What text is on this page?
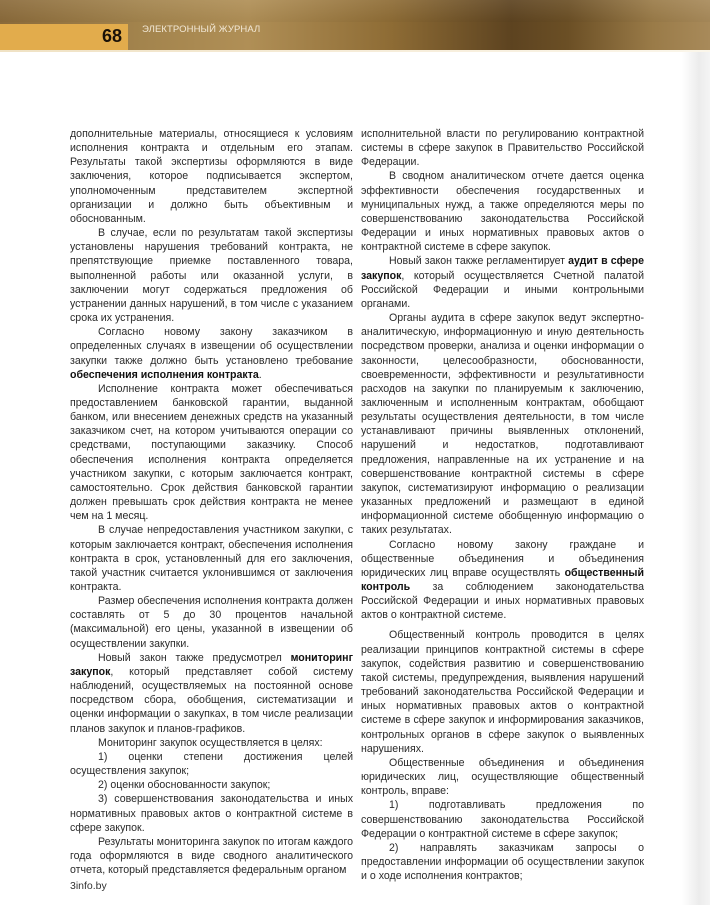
68 ЭЛЕКТРОННЫЙ ЖУРНАЛ

дополнительные материалы, относящиеся к условиям исполнения контракта и отдельным его этапам. Результаты такой экспертизы оформляются в виде заключения, которое подписывается экспертом, уполномоченным представителем экспертной организации и должно быть объективным и обоснованным.

В случае, если по результатам такой экспертизы установлены нарушения требований контракта, не препятствующие приемке поставленного товара, выполненной работы или оказанной услуги, в заключении могут содержаться предложения об устранении данных нарушений, в том числе с указанием срока их устранения.

Согласно новому закону заказчиком в определенных случаях в извещении об осуществлении закупки также должно быть установлено требование обеспечения исполнения контракта.

Исполнение контракта может обеспечиваться предоставлением банковской гарантии, выданной банком, или внесением денежных средств на указанный заказчиком счет, на котором учитываются операции со средствами, поступающими заказчику. Способ обеспечения исполнения контракта определяется участником закупки, с которым заключается контракт, самостоятельно. Срок действия банковской гарантии должен превышать срок действия контракта не менее чем на 1 месяц.

В случае непредоставления участником закупки, с которым заключается контракт, обеспечения исполнения контракта в срок, установленный для его заключения, такой участник считается уклонившимся от заключения контракта.

Размер обеспечения исполнения контракта должен составлять от 5 до 30 процентов начальной (максимальной) его цены, указанной в извещении об осуществлении закупки.

Новый закон также предусмотрел мониторинг закупок, который представляет собой систему наблюдений, осуществляемых на постоянной основе посредством сбора, обобщения, систематизации и оценки информации о закупках, в том числе реализации планов закупок и планов-графиков.

Мониторинг закупок осуществляется в целях:

1) оценки степени достижения целей осуществления закупок;

2) оценки обоснованности закупок;

3) совершенствования законодательства и иных нормативных правовых актов о контрактной системе в сфере закупок.

Результаты мониторинга закупок по итогам каждого года оформляются в виде сводного аналитического отчета, который представляется федеральным органом

исполнительной власти по регулированию контрактной системы в сфере закупок в Правительство Российской Федерации.

В сводном аналитическом отчете дается оценка эффективности обеспечения государственных и муниципальных нужд, а также определяются меры по совершенствованию законодательства Российской Федерации и иных нормативных правовых актов о контрактной системе в сфере закупок.

Новый закон также регламентирует аудит в сфере закупок, который осуществляется Счетной палатой Российской Федерации и иными контрольными органами.

Органы аудита в сфере закупок ведут экспертно-аналитическую, информационную и иную деятельность посредством проверки, анализа и оценки информации о законности, целесообразности, обоснованности, своевременности, эффективности и результативности расходов на закупки по планируемым к заключению, заключенным и исполненным контрактам, обобщают результаты осуществления деятельности, в том числе устанавливают причины выявленных отклонений, нарушений и недостатков, подготавливают предложения, направленные на их устранение и на совершенствование контрактной системы в сфере закупок, систематизируют информацию о реализации указанных предложений и размещают в единой информационной системе обобщенную информацию о таких результатах.

Согласно новому закону граждане и общественные объединения и объединения юридических лиц вправе осуществлять общественный контроль за соблюдением законодательства Российской Федерации и иных нормативных правовых актов о контрактной системе.

Общественный контроль проводится в целях реализации принципов контрактной системы в сфере закупок, содействия развитию и совершенствованию такой системы, предупреждения, выявления нарушений требований законодательства Российской Федерации и иных нормативных правовых актов о контрактной системе в сфере закупок и информирования заказчиков, контрольных органов в сфере закупок о выявленных нарушениях.

Общественные объединения и объединения юридических лиц, осуществляющие общественный контроль, вправе:

1) подготавливать предложения по совершенствованию законодательства Российской Федерации о контрактной системе в сфере закупок;

2) направлять заказчикам запросы о предоставлении информации об осуществлении закупок и о ходе исполнения контрактов;

3info.by
